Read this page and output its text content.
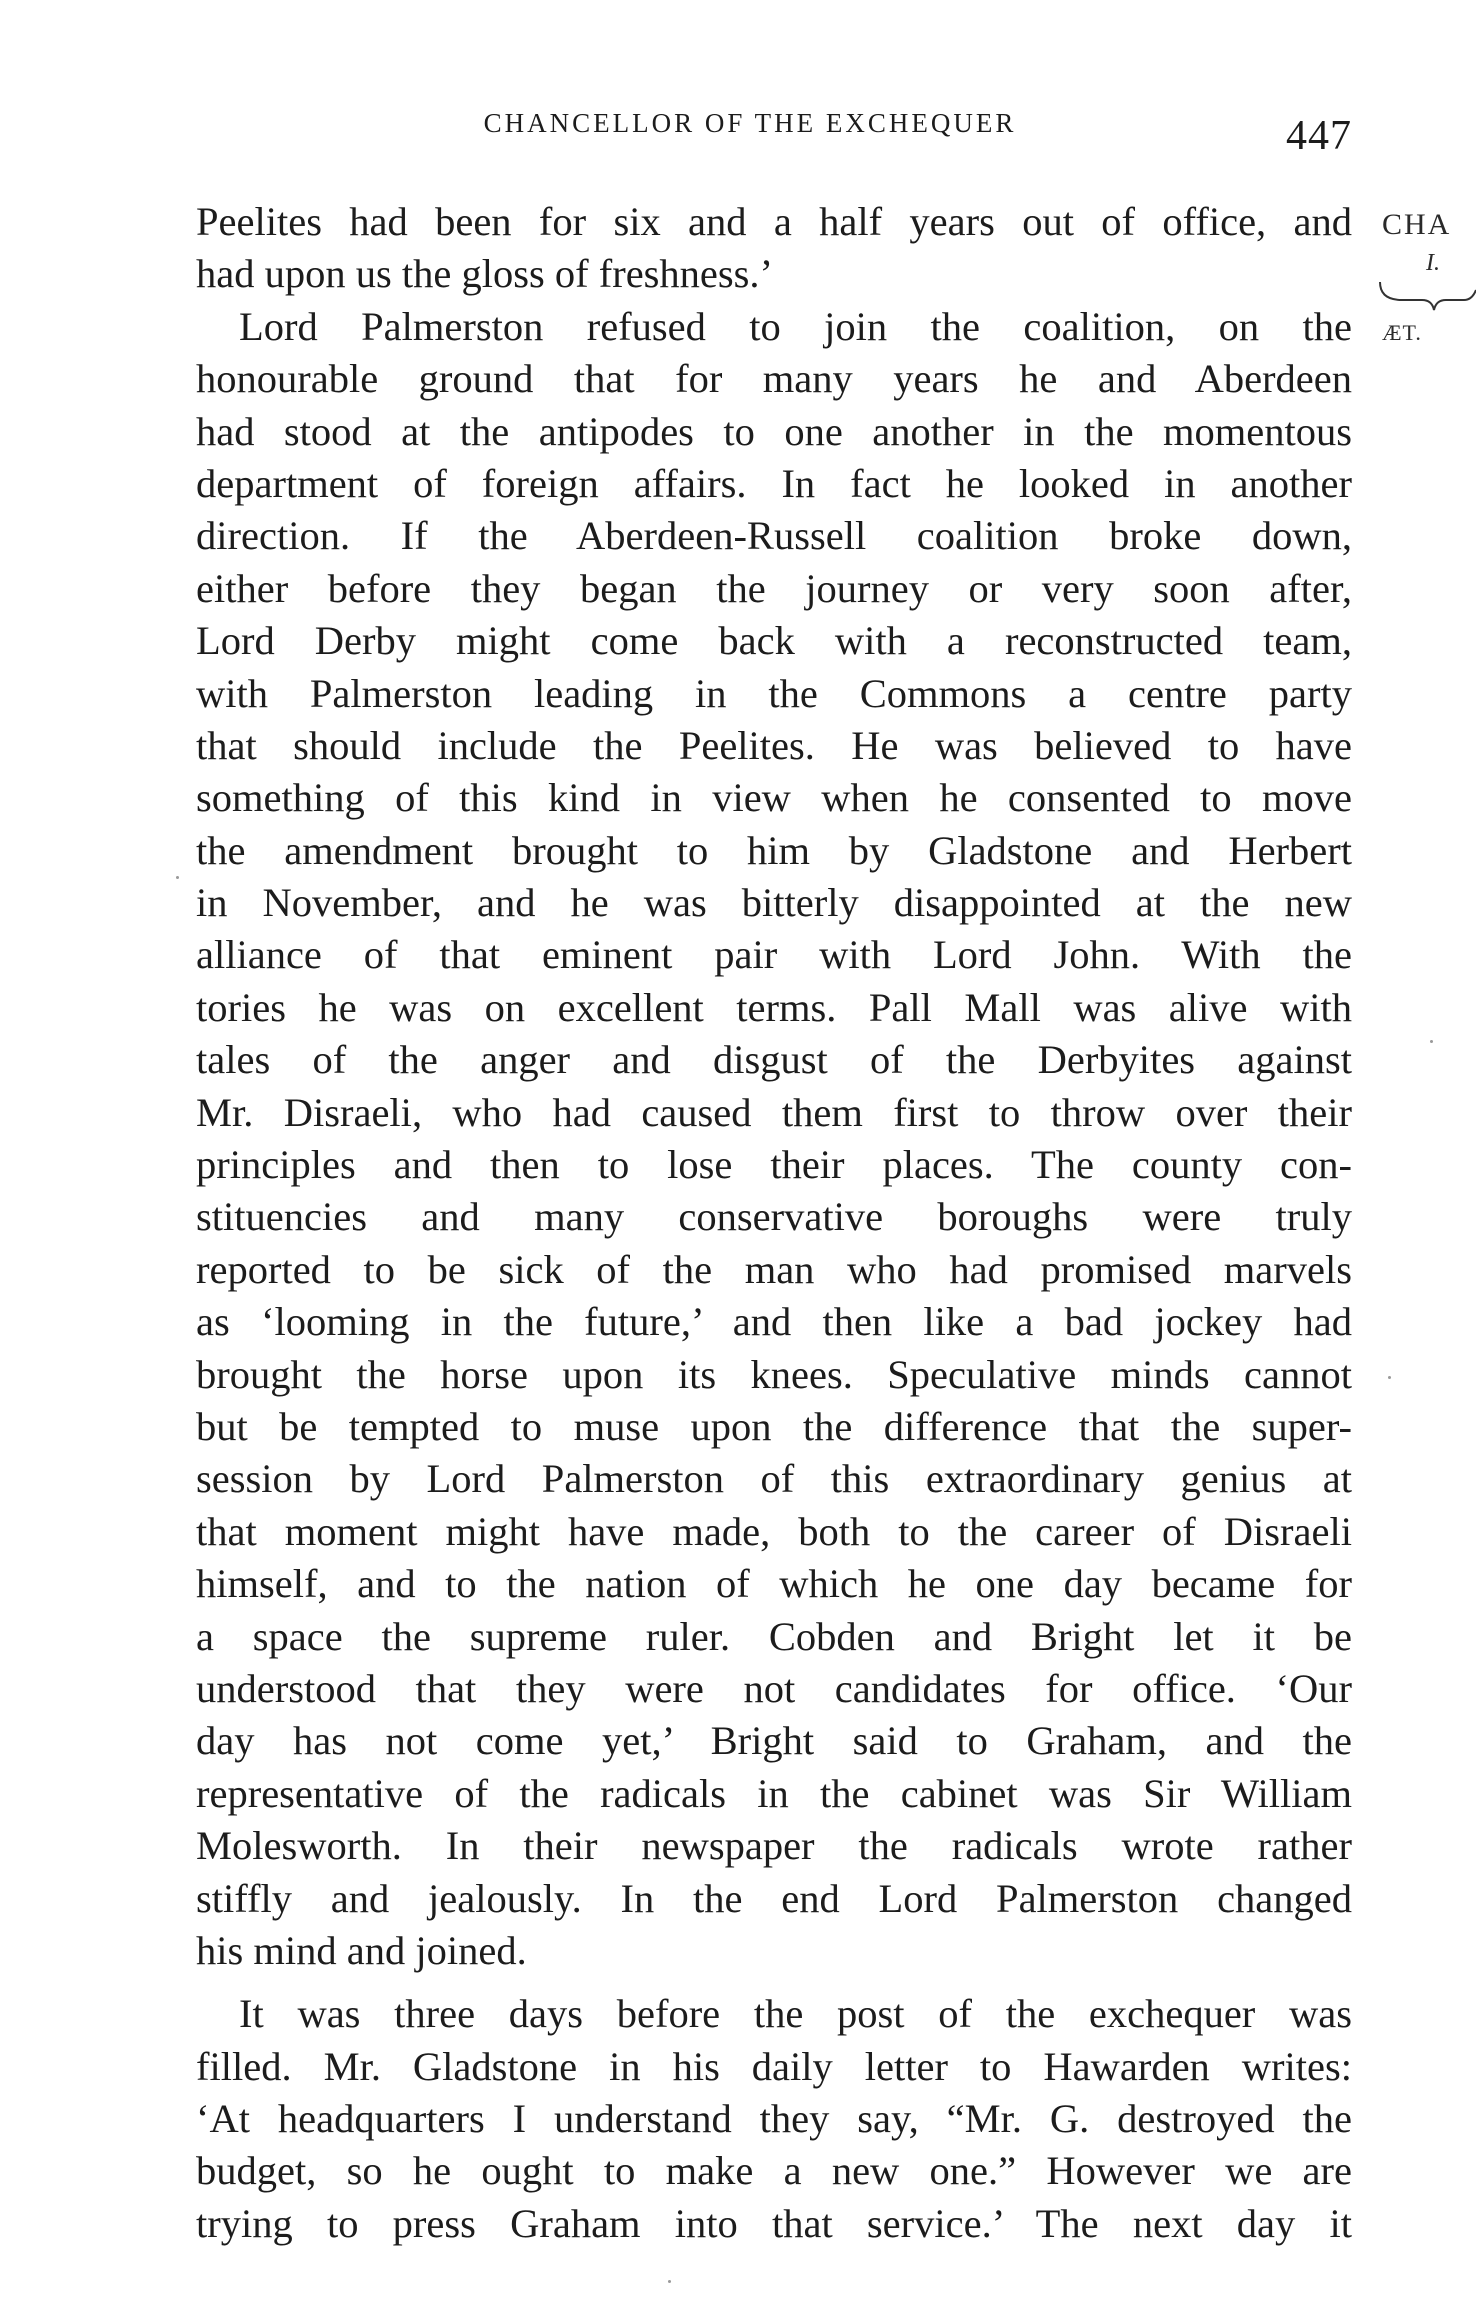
CHANCELLOR OF THE EXCHEQUER	447
CHA
I.
ÆT.
Peelites had been for six and a half years out of office, and
had upon us the gloss of freshness.’
Lord Palmerston refused to join the coalition, on the
honourable ground that for many years he and Aberdeen
had stood at the antipodes to one another in the momentous
department of foreign affairs. In fact he looked in another
direction. If the Aberdeen-Russell coalition broke down,
either before they began the journey or very soon after,
Lord Derby might come back with a reconstructed team,
with Palmerston leading in the Commons a centre party
that should include the Peelites. He was believed to have
something of this kind in view when he consented to move
the amendment brought to him by Gladstone and Herbert
in November, and he was bitterly disappointed at the new
alliance of that eminent pair with Lord John. With the
tories he was on excellent terms. Pall Mall was alive with
tales of the anger and disgust of the Derbyites against
Mr. Disraeli, who had caused them first to throw over their
principles and then to lose their places. The county con-
stituencies and many conservative boroughs were truly
reported to be sick of the man who had promised marvels
as ‘looming in the future,’ and then like a bad jockey had
brought the horse upon its knees. Speculative minds cannot
but be tempted to muse upon the difference that the super-
session by Lord Palmerston of this extraordinary genius at
that moment might have made, both to the career of Disraeli
himself, and to the nation of which he one day became for
a space the supreme ruler. Cobden and Bright let it be
understood that they were not candidates for office. ‘Our
day has not come yet,’ Bright said to Graham, and the
representative of the radicals in the cabinet was Sir William
Molesworth. In their newspaper the radicals wrote rather
stiffly and jealously. In the end Lord Palmerston changed
his mind and joined.
It was three days before the post of the exchequer was
filled. Mr. Gladstone in his daily letter to Hawarden writes:
‘At headquarters I understand they say, “Mr. G. destroyed the
budget, so he ought to make a new one.” However we are
trying to press Graham into that service.’ The next day it
